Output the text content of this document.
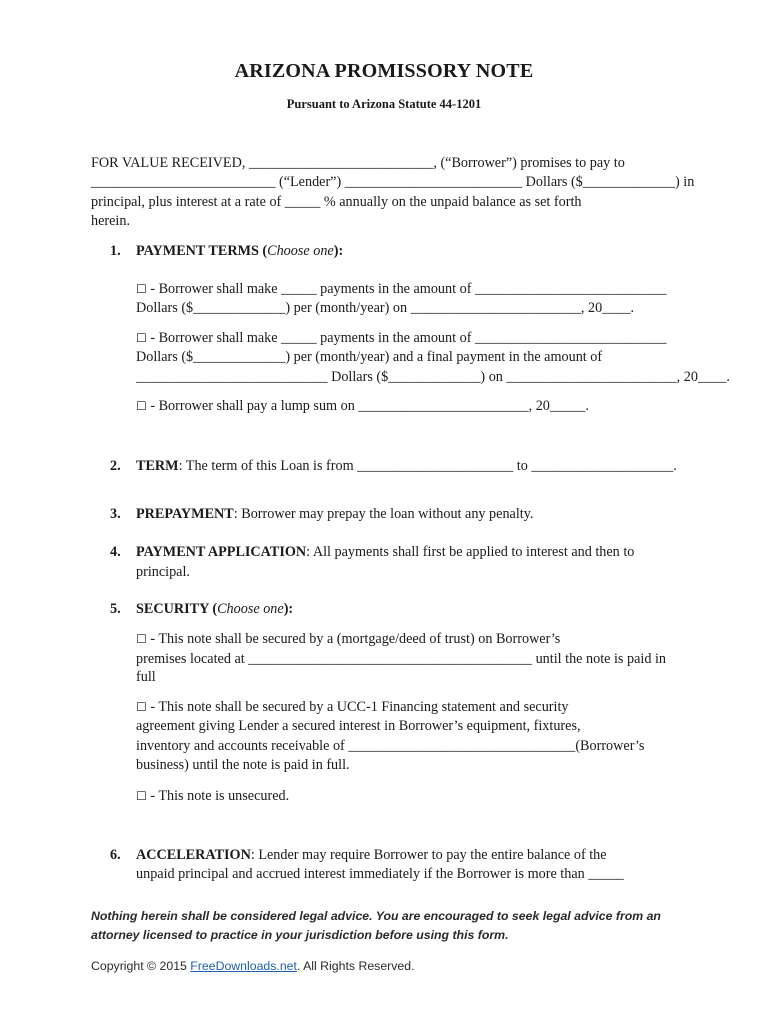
ARIZONA PROMISSORY NOTE
Pursuant to Arizona Statute 44-1201

FOR VALUE RECEIVED, __________________________, (“Borrower”) promises to pay to

__________________________ (“Lender”) _________________________ Dollars ($_____________) in

principal, plus interest at a rate of _____ % annually on the unpaid balance as set forth

herein.

1. PAYMENT TERMS (Choose one):

☐ - Borrower shall make _____ payments in the amount of ___________________________

Dollars ($_____________) per (month/year) on ________________________, 20____.

☐ - Borrower shall make _____ payments in the amount of ___________________________

Dollars ($_____________) per (month/year) and a final payment in the amount of

___________________________ Dollars ($_____________) on ________________________, 20____.

☐ - Borrower shall pay a lump sum on ________________________, 20_____.

2. TERM: The term of this Loan is from ______________________ to ____________________.

3. PREPAYMENT: Borrower may prepay the loan without any penalty.

4. PAYMENT APPLICATION: All payments shall first be applied to interest and then to

principal.

5. SECURITY (Choose one):

☐ - This note shall be secured by a (mortgage/deed of trust) on Borrower’s

premises located at ________________________________________ until the note is paid in

full

☐ - This note shall be secured by a UCC-1 Financing statement and security

agreement giving Lender a secured interest in Borrower’s equipment, fixtures,

inventory and accounts receivable of ________________________________(Borrower’s

business) until the note is paid in full.

☐ - This note is unsecured.

6. ACCELERATION: Lender may require Borrower to pay the entire balance of the

unpaid principal and accrued interest immediately if the Borrower is more than _____

Nothing herein shall be considered legal advice. You are encouraged to seek legal advice from an
attorney licensed to practice in your jurisdiction before using this form.
Copyright © 2015 FreeDownloads.net. All Rights Reserved.
